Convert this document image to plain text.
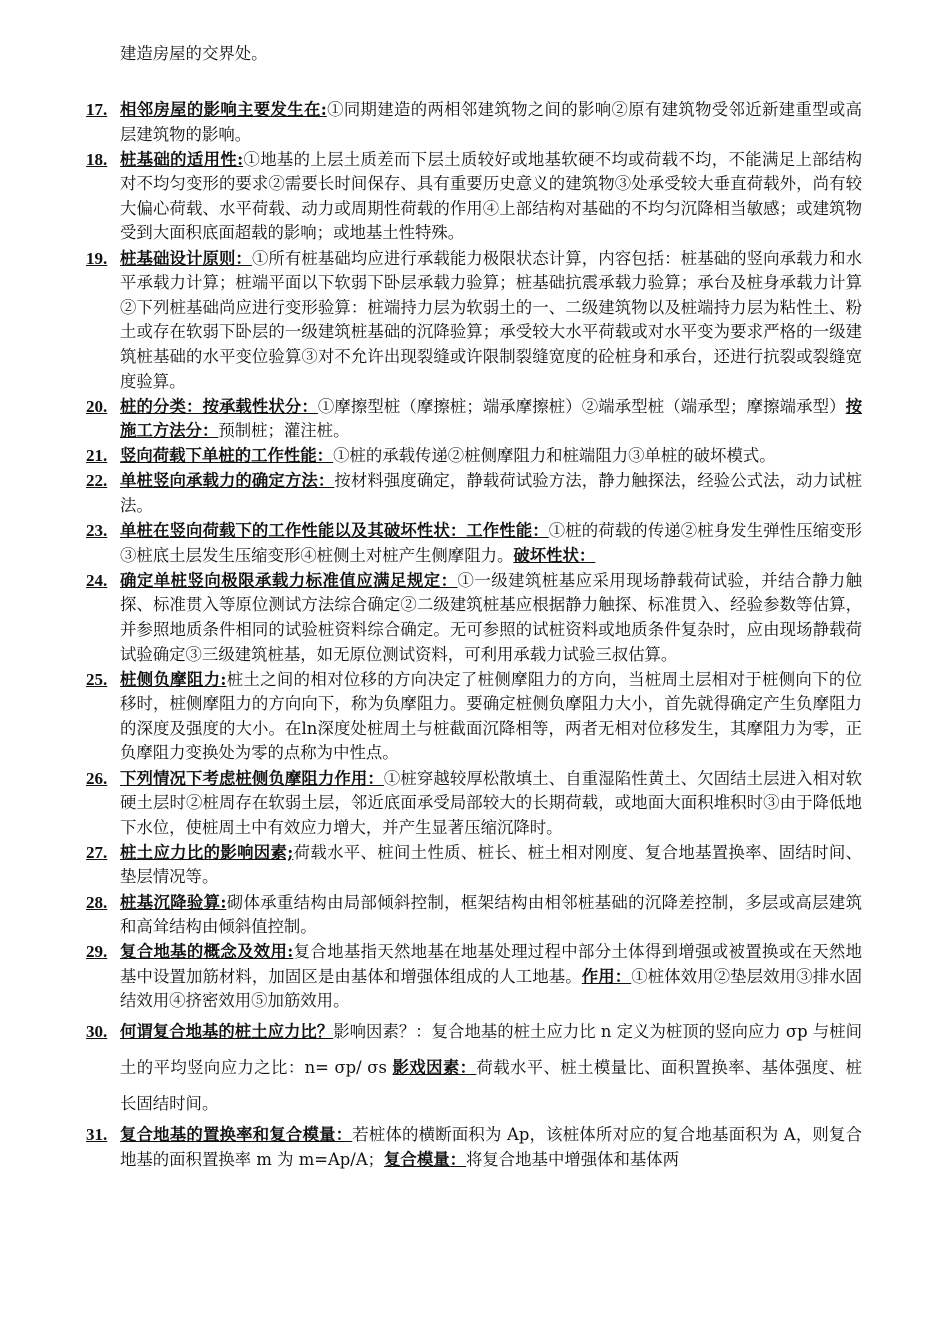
建造房屋的交界处。
17. 相邻房屋的影响主要发生在:①同期建造的两相邻建筑物之间的影响②原有建筑物受邻近新建重型或高层建筑物的影响。
18. 桩基础的适用性:①地基的上层土质差而下层土质较好或地基软硬不均或荷载不均，不能满足上部结构对不均匀变形的要求②需要长时间保存、具有重要历史意义的建筑物③处承受较大垂直荷载外，尚有较大偏心荷载、水平荷载、动力或周期性荷载的作用④上部结构对基础的不均匀沉降相当敏感；或建筑物受到大面积底面超载的影响；或地基土性特殊。
19. 桩基础设计原则：①所有桩基础均应进行承载能力极限状态计算，内容包括：桩基础的竖向承载力和水平承载力计算；桩端平面以下软弱下卧层承载力验算；桩基础抗震承载力验算；承台及桩身承载力计算②下列桩基础尚应进行变形验算：桩端持力层为软弱土的一、二级建筑物以及桩端持力层为粘性土、粉土或存在软弱下卧层的一级建筑桩基础的沉降验算；承受较大水平荷载或对水平变为要求严格的一级建筑桩基础的水平变位验算③对不允许出现裂缝或许限制裂缝宽度的砼桩身和承台，还进行抗裂或裂缝宽度验算。
20. 桩的分类：按承载性状分：①摩擦型桩（摩擦桩；端承摩擦桩）②端承型桩（端承型；摩擦端承型）按施工方法分：预制桩；灌注桩。
21. 竖向荷载下单桩的工作性能：①桩的承载传递②桩侧摩阻力和桩端阻力③单桩的破坏模式。
22. 单桩竖向承载力的确定方法：按材料强度确定，静载荷试验方法，静力触探法，经验公式法，动力试桩法。
23. 单桩在竖向荷载下的工作性能以及其破坏性状：工作性能：①桩的荷载的传递②桩身发生弹性压缩变形③桩底土层发生压缩变形④桩侧土对桩产生侧摩阻力。破坏性状：
24. 确定单桩竖向极限承载力标准值应满足规定：①一级建筑桩基应采用现场静载荷试验，并结合静力触探、标准贯入等原位测试方法综合确定②二级建筑桩基应根据静力触探、标准贯入、经验参数等估算，并参照地质条件相同的试验桩资料综合确定。无可参照的试桩资料或地质条件复杂时，应由现场静载荷试验确定③三级建筑桩基，如无原位测试资料，可利用承载力试验三叔估算。
25. 桩侧负摩阻力:桩土之间的相对位移的方向决定了桩侧摩阻力的方向，当桩周土层相对于桩侧向下的位移时，桩侧摩阻力的方向向下，称为负摩阻力。要确定桩侧负摩阻力大小，首先就得确定产生负摩阻力的深度及强度的大小。在ln深度处桩周土与桩截面沉降相等，两者无相对位移发生，其摩阻力为零，正负摩阻力变换处为零的点称为中性点。
26. 下列情况下考虑桩侧负摩阻力作用：①桩穿越较厚松散填土、自重湿陷性黄土、欠固结土层进入相对软硬土层时②桩周存在软弱土层，邻近底面承受局部较大的长期荷载，或地面大面积堆积时③由于降低地下水位，使桩周土中有效应力增大，并产生显著压缩沉降时。
27. 桩土应力比的影响因素;荷载水平、桩间土性质、桩长、桩土相对刚度、复合地基置换率、固结时间、垫层情况等。
28. 桩基沉降验算:砌体承重结构由局部倾斜控制，框架结构由相邻桩基础的沉降差控制，多层或高层建筑和高耸结构由倾斜值控制。
29. 复合地基的概念及效用:复合地基指天然地基在地基处理过程中部分土体得到增强或被置换或在天然地基中设置加筋材料，加固区是由基体和增强体组成的人工地基。作用：①桩体效用②垫层效用③排水固结效用④挤密效用⑤加筋效用。
30. 何谓复合地基的桩土应力比？影响因素？：复合地基的桩土应力比 n 定义为桩顶的竖向应力 σp 与桩间土的平均竖向应力之比：n= σp/ σs 影戏因素：荷载水平、桩土模量比、面积置换率、基体强度、桩长固结时间。
31. 复合地基的置换率和复合模量：若桩体的横断面积为 Ap，该桩体所对应的复合地基面积为 A，则复合地基的面积置换率 m 为 m=Ap/A；复合模量：将复合地基中增强体和基体两
